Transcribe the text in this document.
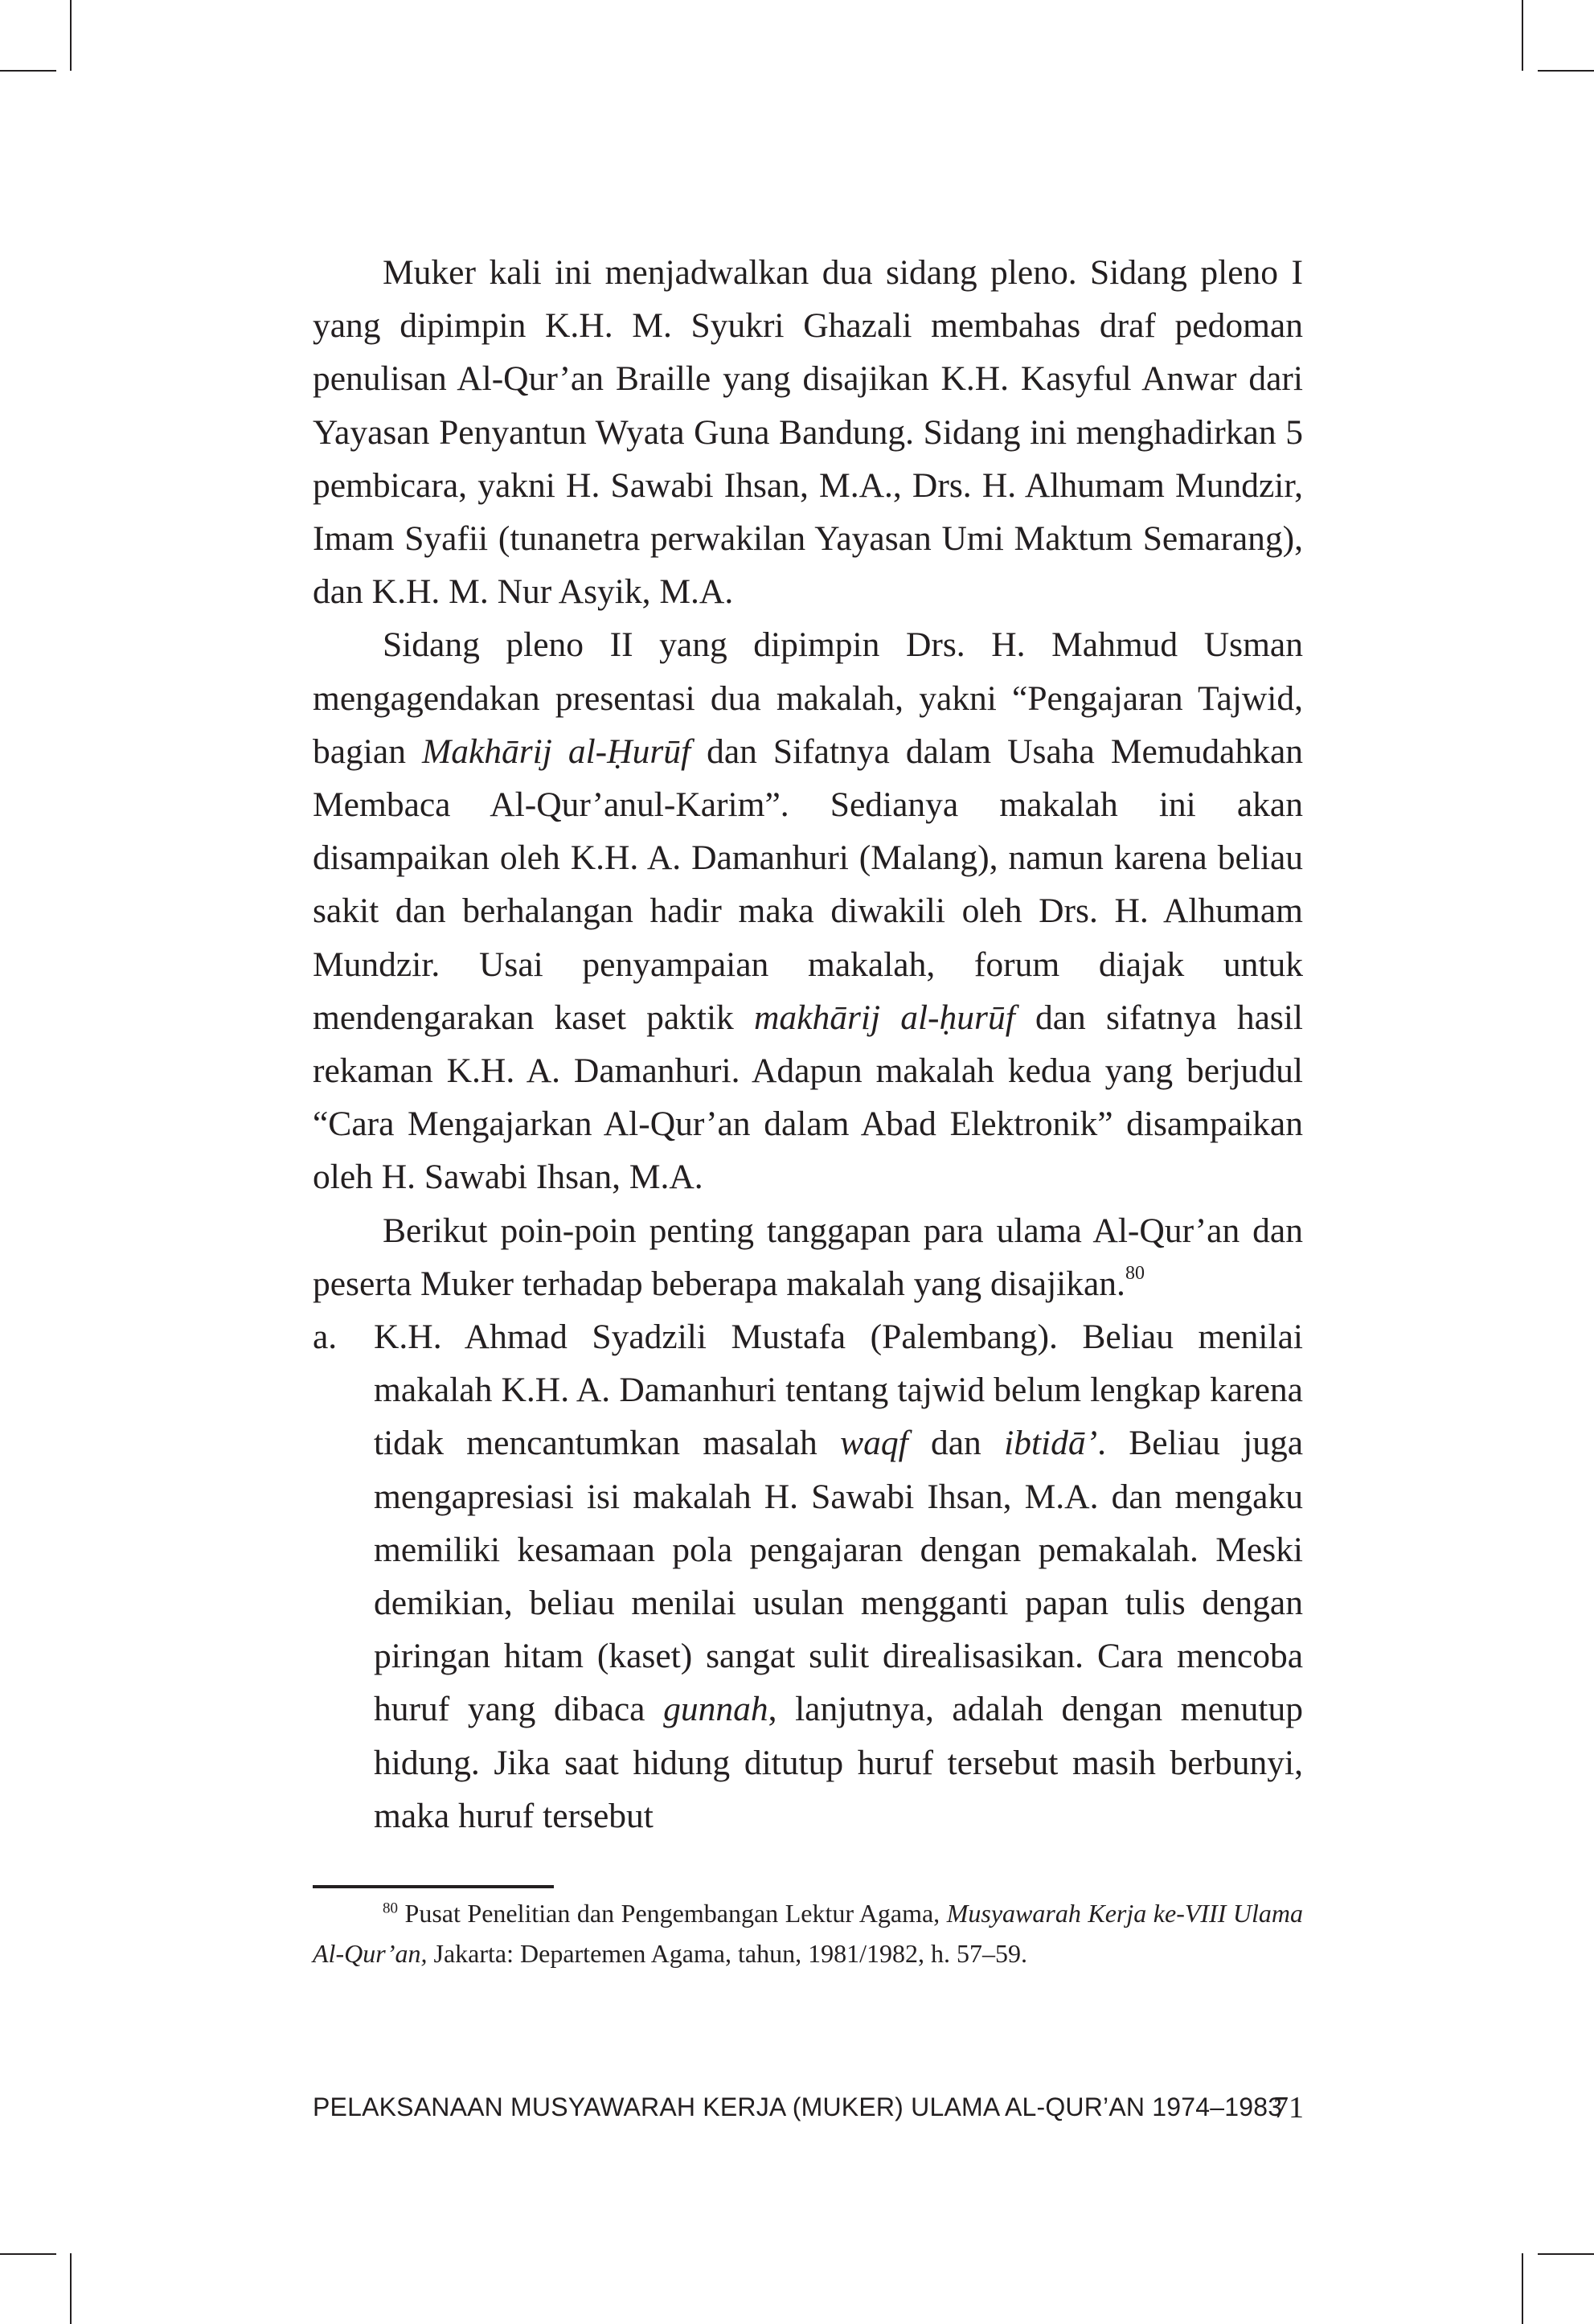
Muker kali ini menjadwalkan dua sidang pleno. Sidang pleno I yang dipimpin K.H. M. Syukri Ghazali membahas draf pedoman penulisan Al-Qur’an Braille yang disajikan K.H. Kasyful Anwar dari Yayasan Penyantun Wyata Guna Bandung. Sidang ini menghadirkan 5 pembicara, yakni H. Sawabi Ihsan, M.A., Drs. H. Alhumam Mundzir, Imam Syafii (tunanetra perwakilan Yayasan Umi Maktum Semarang), dan K.H. M. Nur Asyik, M.A.

Sidang pleno II yang dipimpin Drs. H. Mahmud Usman mengagendakan presentasi dua makalah, yakni “Pengajaran Tajwid, bagian Makhārij al-Ḥurūf dan Sifatnya dalam Usaha Memudahkan Membaca Al-Qur’anul-Karim”. Sedianya makalah ini akan disampaikan oleh K.H. A. Damanhuri (Malang), namun karena beliau sakit dan berhalangan hadir maka diwakili oleh Drs. H. Alhumam Mundzir. Usai penyampaian makalah, forum diajak untuk mendengarakan kaset paktik makhārij al-ḥurūf dan sifatnya hasil rekaman K.H. A. Damanhuri. Adapun makalah kedua yang berjudul “Cara Mengajarkan Al-Qur’an dalam Abad Elektronik” disampaikan oleh H. Sawabi Ihsan, M.A.

Berikut poin-poin penting tanggapan para ulama Al-Qur’an dan peserta Muker terhadap beberapa makalah yang disajikan.$^{80}$

a. K.H. Ahmad Syadzili Mustafa (Palembang). Beliau menilai makalah K.H. A. Damanhuri tentang tajwid belum lengkap karena tidak mencantumkan masalah waqf dan ibtidā’. Beliau juga mengapresiasi isi makalah H. Sawabi Ihsan, M.A. dan mengaku memiliki kesamaan pola pengajaran dengan pemakalah. Meski demikian, beliau menilai usulan mengganti papan tulis dengan piringan hitam (kaset) sangat sulit direalisasikan. Cara mencoba huruf yang dibaca gunnah, lanjutnya, adalah dengan menutup hidung. Jika saat hidung ditutup huruf tersebut masih berbunyi, maka huruf tersebut

$^{80}$ Pusat Penelitian dan Pengembangan Lektur Agama, Musyawarah Kerja ke-VIII Ulama Al-Qur’an, Jakarta: Departemen Agama, tahun, 1981/1982, h. 57–59.

PELAKSANAAN MUSYAWARAH KERJA (MUKER) ULAMA AL-QUR’AN 1974–1983
71
